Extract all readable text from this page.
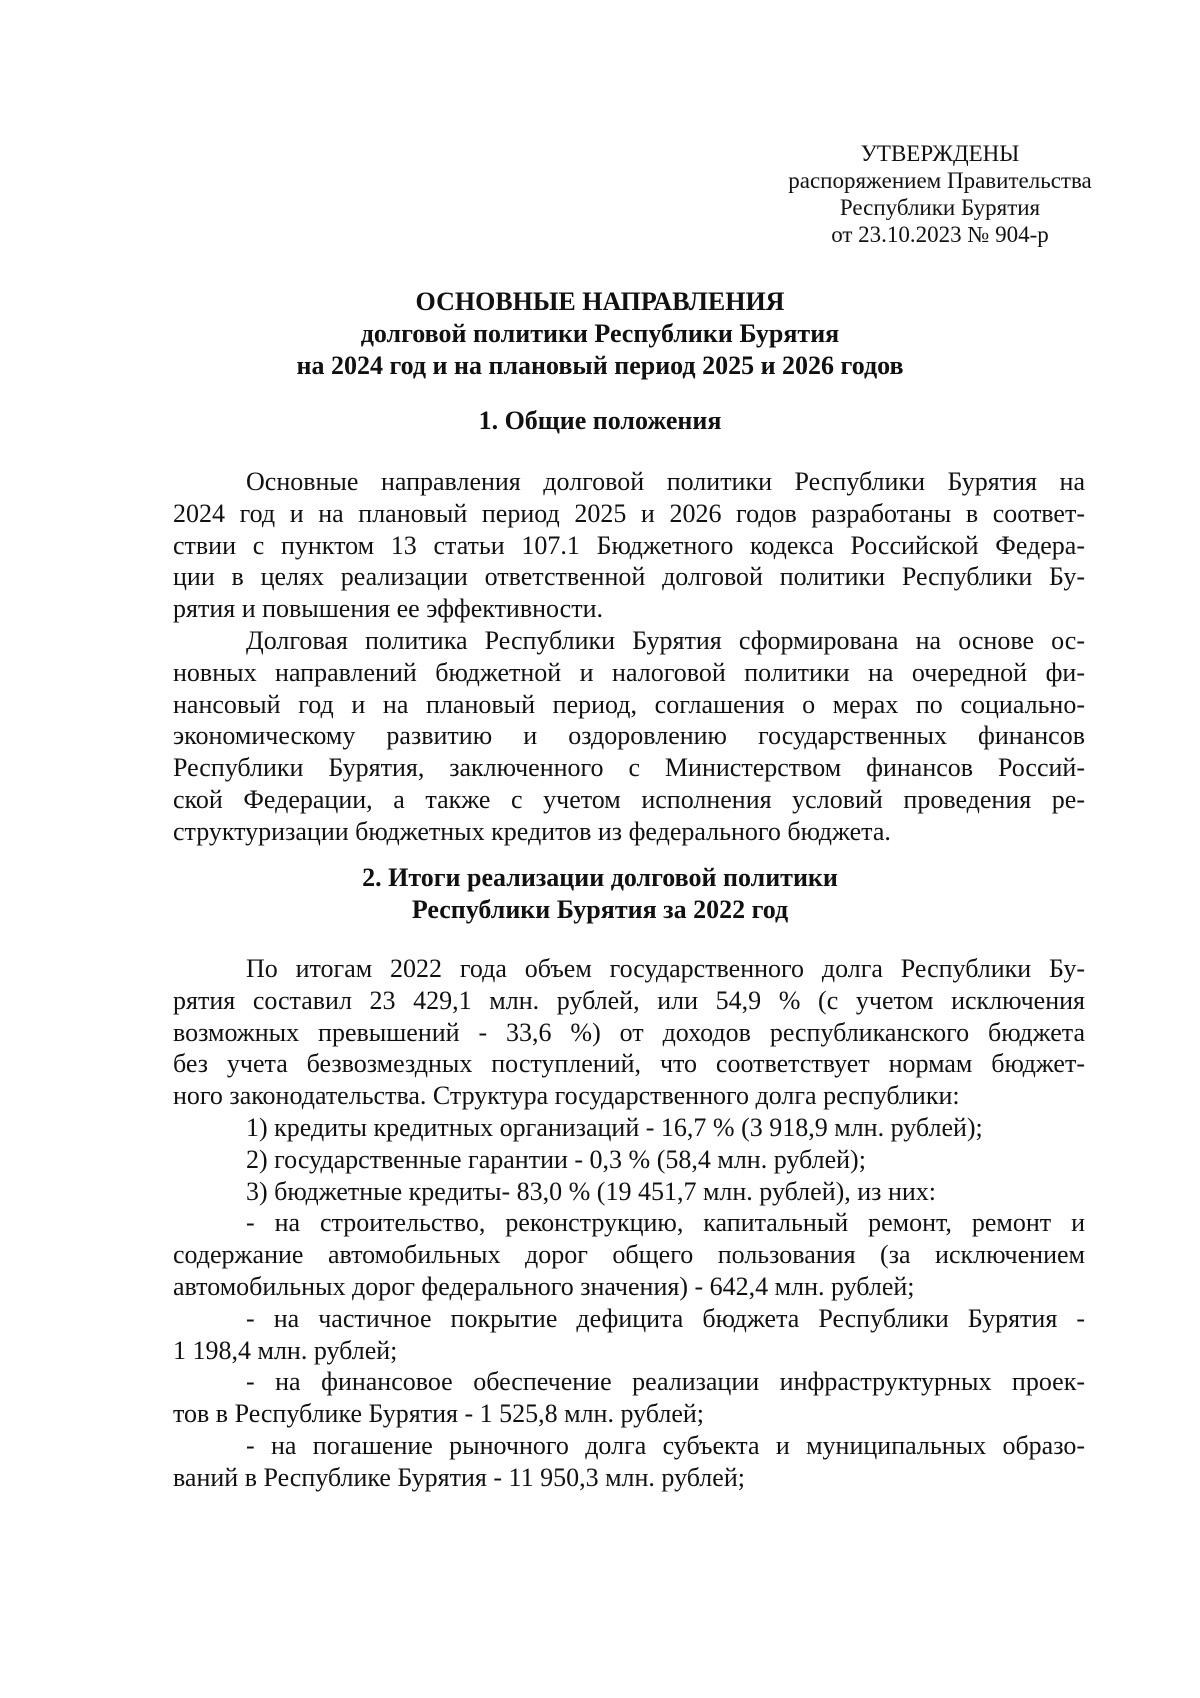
УТВЕРЖДЕНЫ
распоряжением Правительства
Республики Бурятия
от 23.10.2023 № 904-р
ОСНОВНЫЕ НАПРАВЛЕНИЯ
долговой политики Республики Бурятия
на 2024 год и на плановый период 2025 и 2026 годов
1. Общие положения
Основные направления долговой политики Республики Бурятия на
2024 год и на плановый период 2025 и 2026 годов разработаны в соответ-
ствии с пунктом 13 статьи 107.1 Бюджетного кодекса Российской Федера-
ции в целях реализации ответственной долговой политики Республики Бу-
рятия и повышения ее эффективности.
Долговая политика Республики Бурятия сформирована на основе ос-
новных направлений бюджетной и налоговой политики на очередной фи-
нансовый год и на плановый период, соглашения о мерах по социально-
экономическому развитию и оздоровлению государственных финансов
Республики Бурятия, заключенного с Министерством финансов Россий-
ской Федерации, а также с учетом исполнения условий проведения ре-
структуризации бюджетных кредитов из федерального бюджета.
2. Итоги реализации долговой политики
Республики Бурятия за 2022 год
По итогам 2022 года объем государственного долга Республики Бу-
рятия составил 23 429,1 млн. рублей, или 54,9 % (с учетом исключения
возможных превышений - 33,6 %) от доходов республиканского бюджета
без учета безвозмездных поступлений, что соответствует нормам бюджет-
ного законодательства. Структура государственного долга республики:
1) кредиты кредитных организаций - 16,7 % (3 918,9 млн. рублей);
2) государственные гарантии - 0,3 % (58,4 млн. рублей);
3) бюджетные кредиты- 83,0 % (19 451,7 млн. рублей), из них:
- на строительство, реконструкцию, капитальный ремонт, ремонт и
содержание автомобильных дорог общего пользования (за исключением
автомобильных дорог федерального значения) - 642,4 млн. рублей;
- на частичное покрытие дефицита бюджета Республики Бурятия -
1 198,4 млн. рублей;
- на финансовое обеспечение реализации инфраструктурных проек-
тов в Республике Бурятия - 1 525,8 млн. рублей;
- на погашение рыночного долга субъекта и муниципальных образо-
ваний в Республике Бурятия - 11 950,3 млн. рублей;
